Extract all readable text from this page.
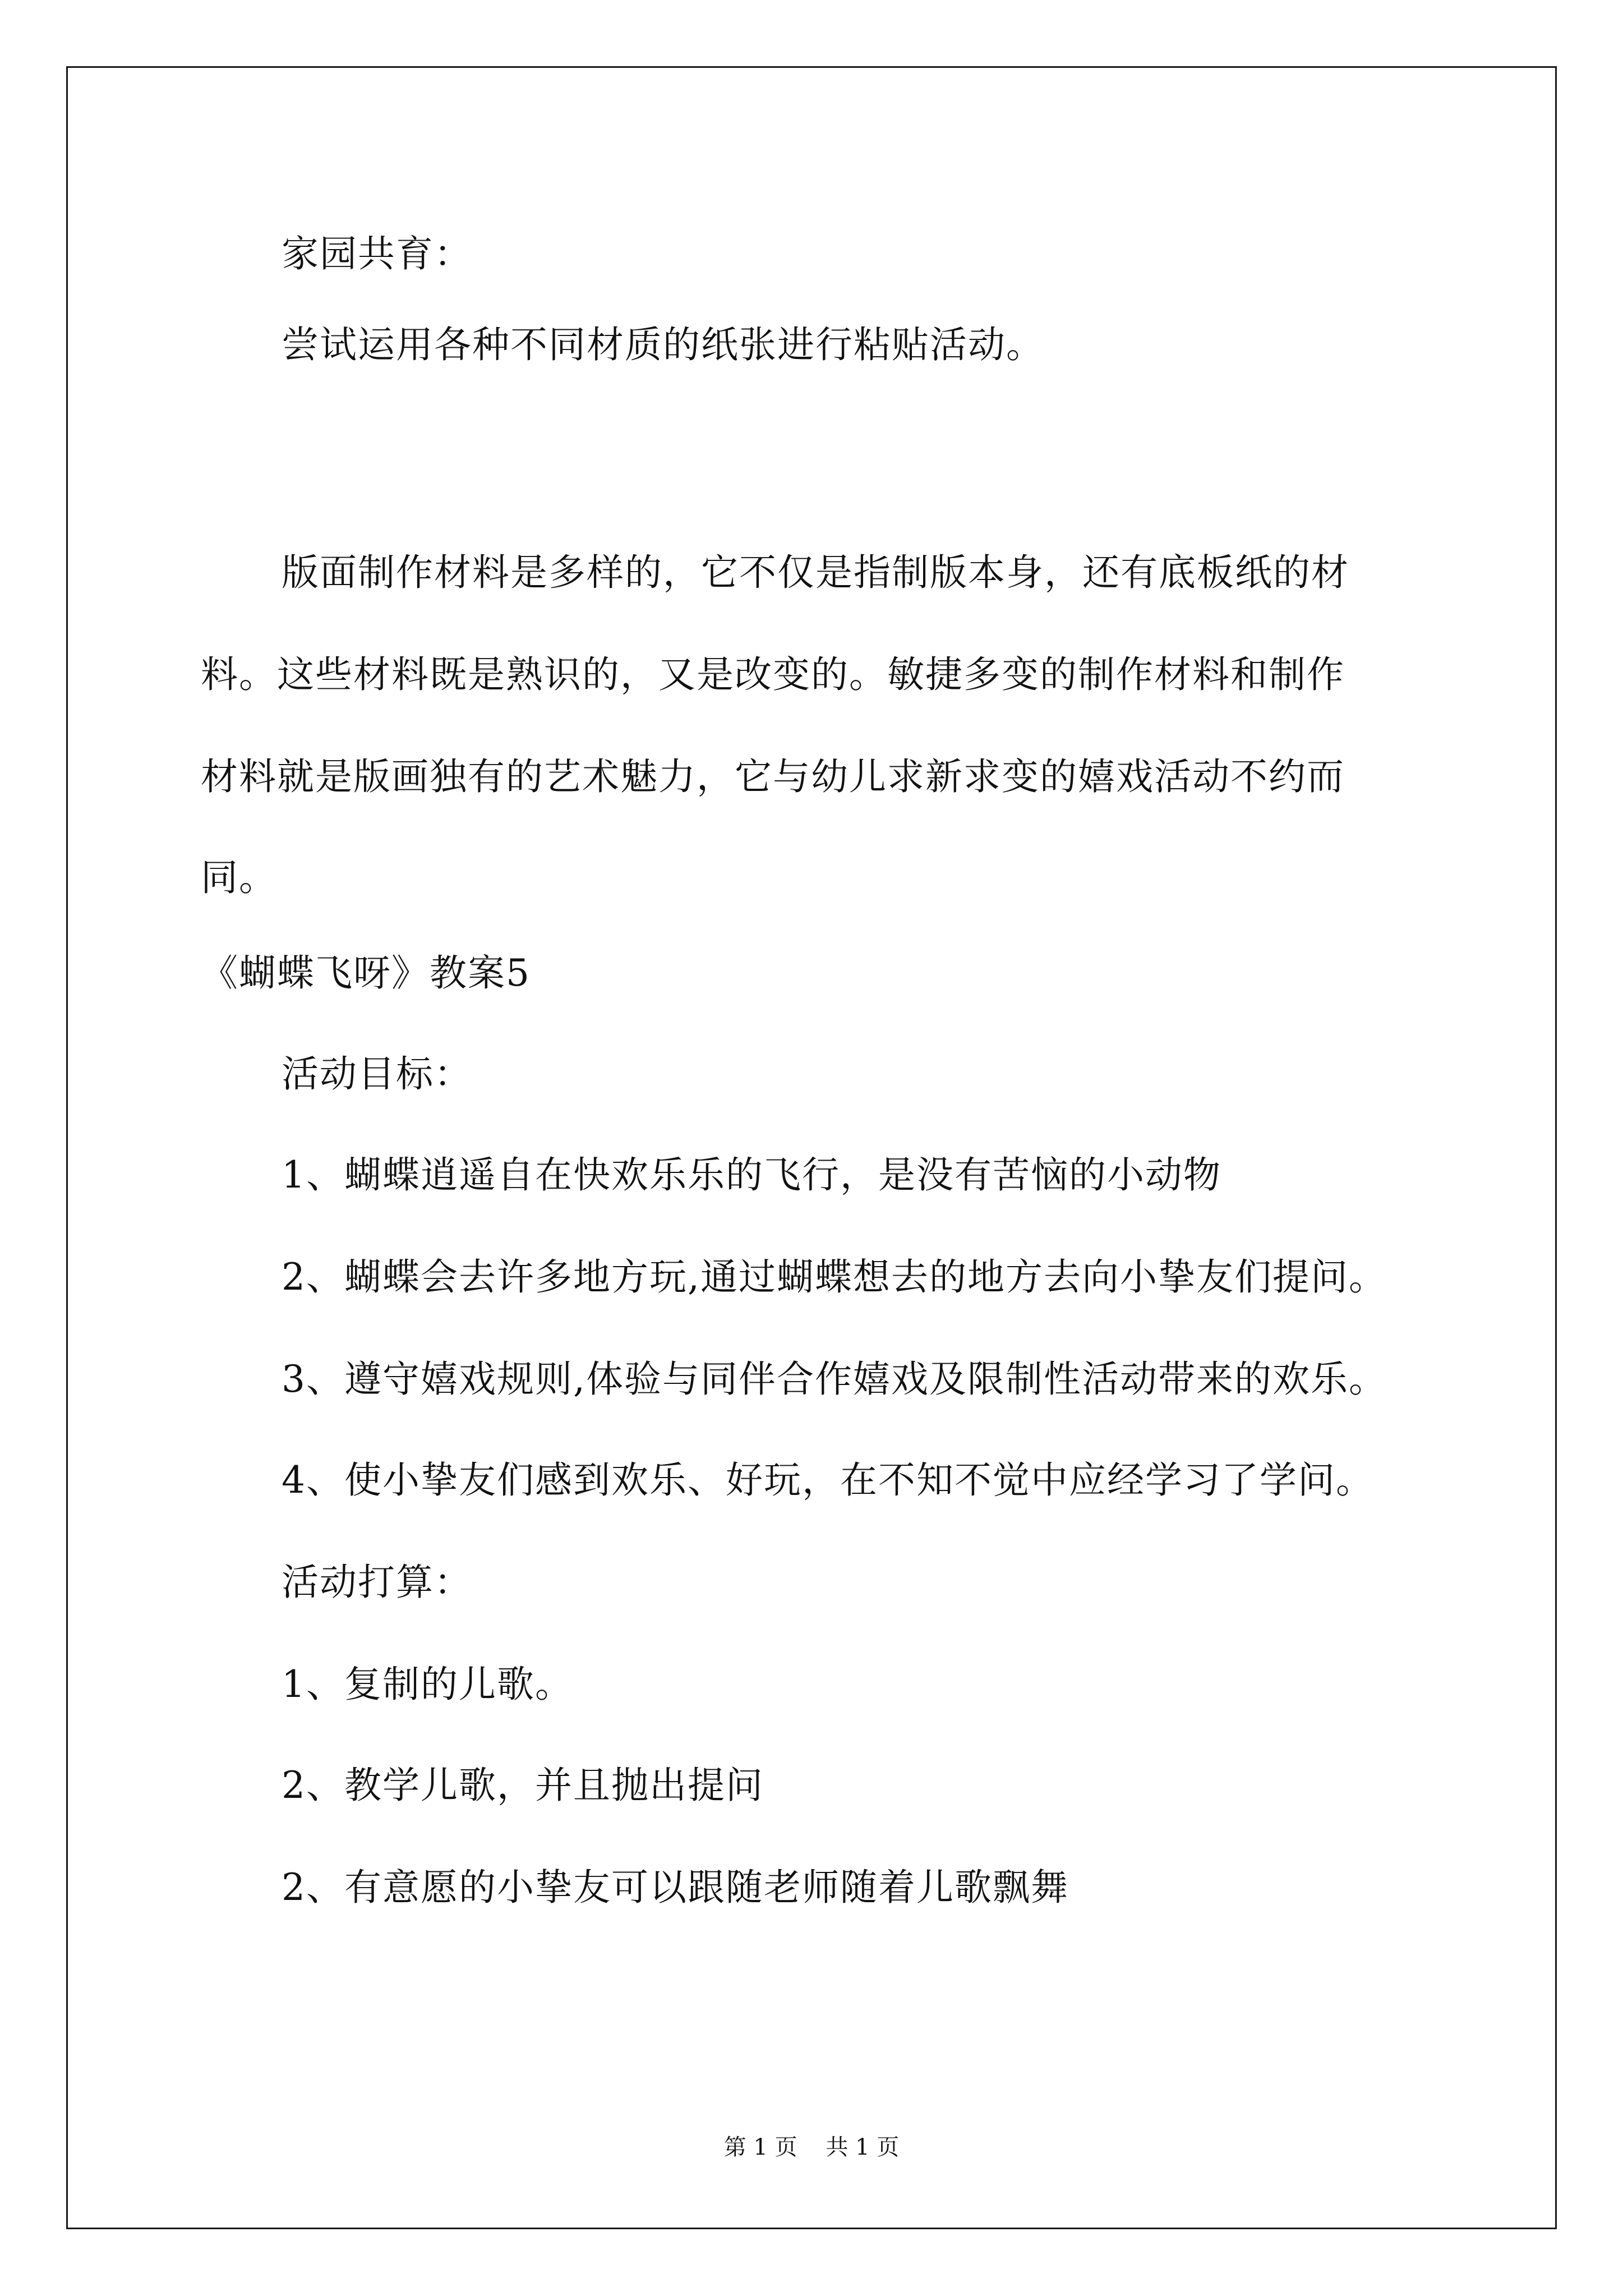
家园共育：
尝试运用各种不同材质的纸张进行粘贴活动。
版面制作材料是多样的，它不仅是指制版本身，还有底板纸的材
料。这些材料既是熟识的，又是改变的。敏捷多变的制作材料和制作
材料就是版画独有的艺术魅力，它与幼儿求新求变的嬉戏活动不约而
同。
《蝴蝶飞呀》教案5
活动目标：
1、蝴蝶逍遥自在快欢乐乐的飞行，是没有苦恼的小动物
2、蝴蝶会去许多地方玩,通过蝴蝶想去的地方去向小挚友们提问。
3、遵守嬉戏规则,体验与同伴合作嬉戏及限制性活动带来的欢乐。
4、使小挚友们感到欢乐、好玩，在不知不觉中应经学习了学问。
活动打算：
1、复制的儿歌。
2、教学儿歌，并且抛出提问
2、有意愿的小挚友可以跟随老师随着儿歌飘舞
第 1 页    共 1 页
